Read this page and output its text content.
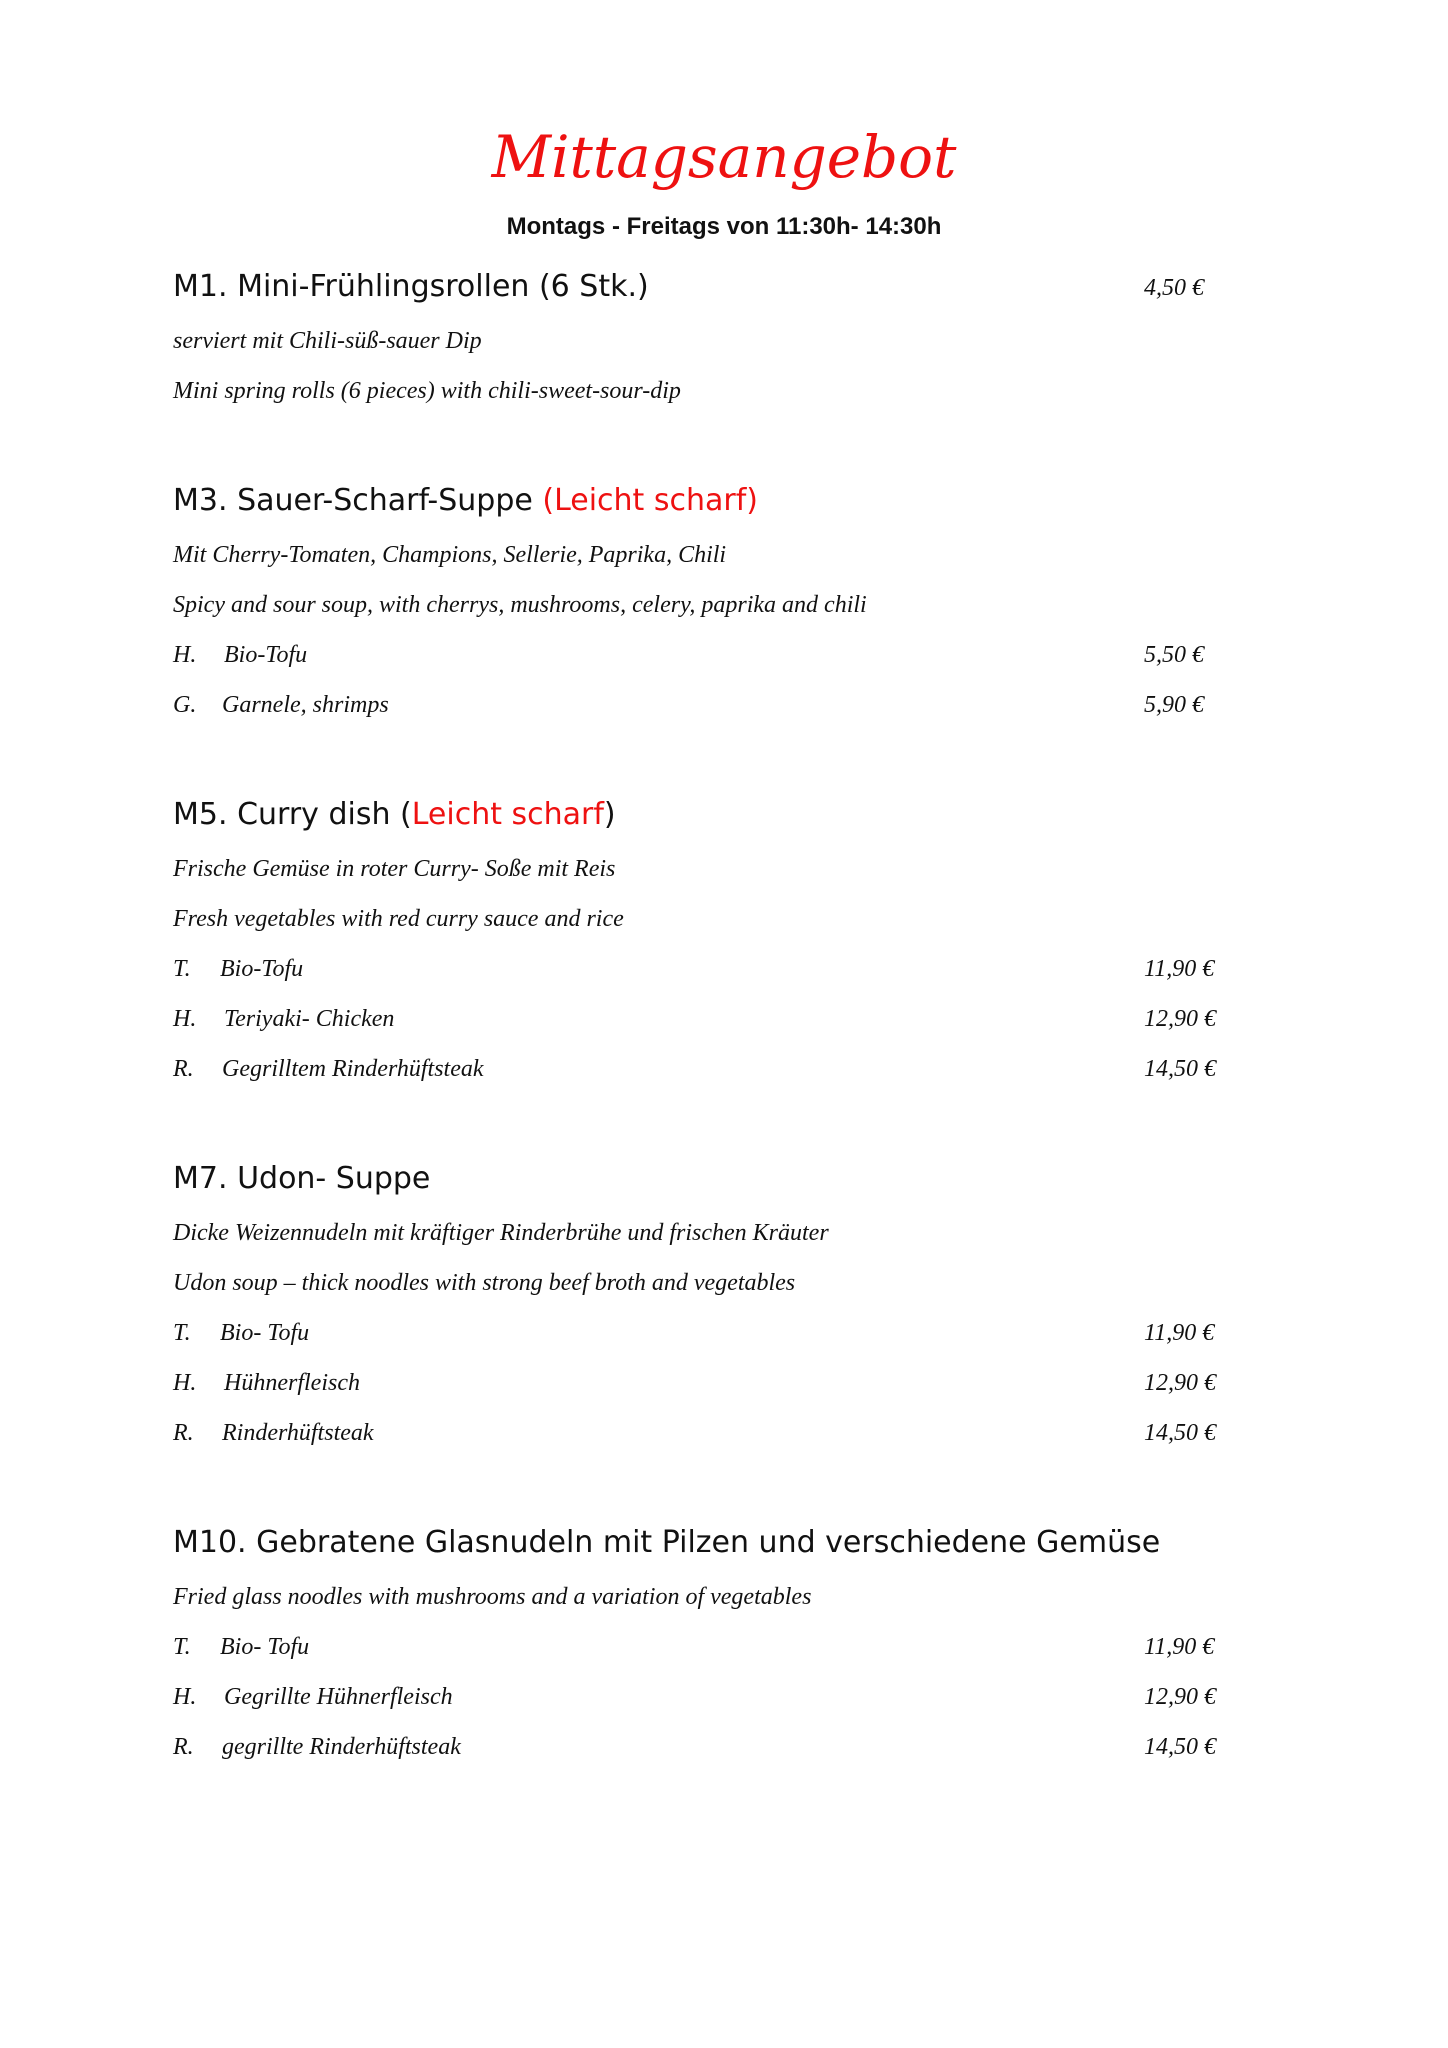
Mittagsangebot
Montags - Freitags von 11:30h- 14:30h
M1. Mini-Frühlingsrollen (6 Stk.)	4,50 €
serviert mit Chili-süß-sauer Dip
Mini spring rolls (6 pieces) with chili-sweet-sour-dip
M3. Sauer-Scharf-Suppe (Leicht scharf)
Mit Cherry-Tomaten, Champions, Sellerie, Paprika, Chili
Spicy and sour soup, with cherrys, mushrooms, celery, paprika and chili
H. Bio-Tofu	5,50 €
G. Garnele, shrimps	5,90 €
M5. Curry dish (Leicht scharf)
Frische Gemüse in roter Curry- Soße mit Reis
Fresh vegetables with red curry sauce and rice
T. Bio-Tofu	11,90 €
H. Teriyaki- Chicken	12,90 €
R. Gegrilltem Rinderhüftsteak	14,50 €
M7. Udon- Suppe
Dicke Weizennudeln mit kräftiger Rinderbrühe und frischen Kräuter
Udon soup – thick noodles with strong beef broth and vegetables
T. Bio- Tofu	11,90 €
H. Hühnerfleisch	12,90 €
R. Rinderhüftsteak	14,50 €
M10. Gebratene Glasnudeln mit Pilzen und verschiedene Gemüse
Fried glass noodles with mushrooms and a variation of vegetables
T. Bio- Tofu	11,90 €
H. Gegrillte Hühnerfleisch	12,90 €
R. gegrillte Rinderhüftsteak	14,50 €
